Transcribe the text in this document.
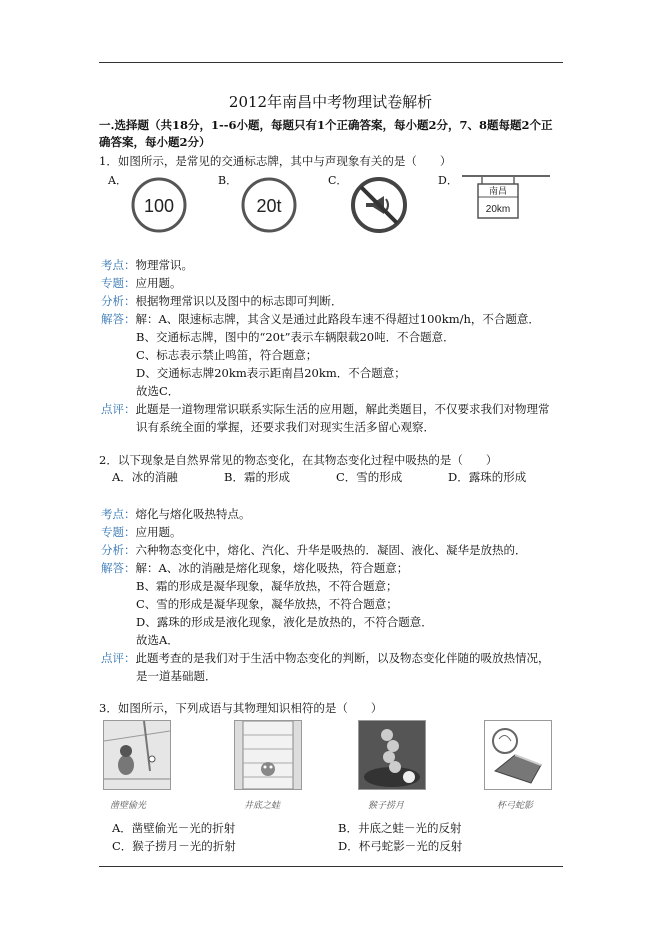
2012年南昌中考物理试卷解析
一.选择题（共18分，1--6小题，每题只有1个正确答案，每小题2分，7、8题每题2个正
确答案，每小题2分）
1．如图所示，是常见的交通标志牌，其中与声现象有关的是（　　）
A．	B．	C．	D．
100	20t
南昌
20km
考点：物理常识。
专题：应用题。
分析：根据物理常识以及图中的标志即可判断．
解答：解：A、限速标志牌，其含义是通过此路段车速不得超过100km/h，不合题意．
B、交通标志牌，图中的“20t”表示车辆限载20吨．不合题意．
C、标志表示禁止鸣笛，符合题意；
D、交通标志牌20km表示距南昌20km．不合题意；
故选C．
点评：此题是一道物理常识联系实际生活的应用题，解此类题目，不仅要求我们对物理常
识有系统全面的掌握，还要求我们对现实生活多留心观察．
2．以下现象是自然界常见的物态变化，在其物态变化过程中吸热的是（　　）
A．冰的消融	B．霜的形成	C．雪的形成	D．露珠的形成
考点：熔化与熔化吸热特点。
专题：应用题。
分析：六种物态变化中，熔化、汽化、升华是吸热的．凝固、液化、凝华是放热的．
解答：解：A、冰的消融是熔化现象，熔化吸热，符合题意；
B、霜的形成是凝华现象，凝华放热，不符合题意；
C、雪的形成是凝华现象，凝华放热，不符合题意；
D、露珠的形成是液化现象，液化是放热的，不符合题意．
故选A．
点评：此题考查的是我们对于生活中物态变化的判断，以及物态变化伴随的吸放热情况，
是一道基础题．
3．如图所示，下列成语与其物理知识相符的是（　　）
凿壁偷光	井底之蛙	猴子捞月	杯弓蛇影
A．凿壁偷光－光的折射	B．井底之蛙－光的反射
C．猴子捞月－光的折射	D．杯弓蛇影－光的反射
